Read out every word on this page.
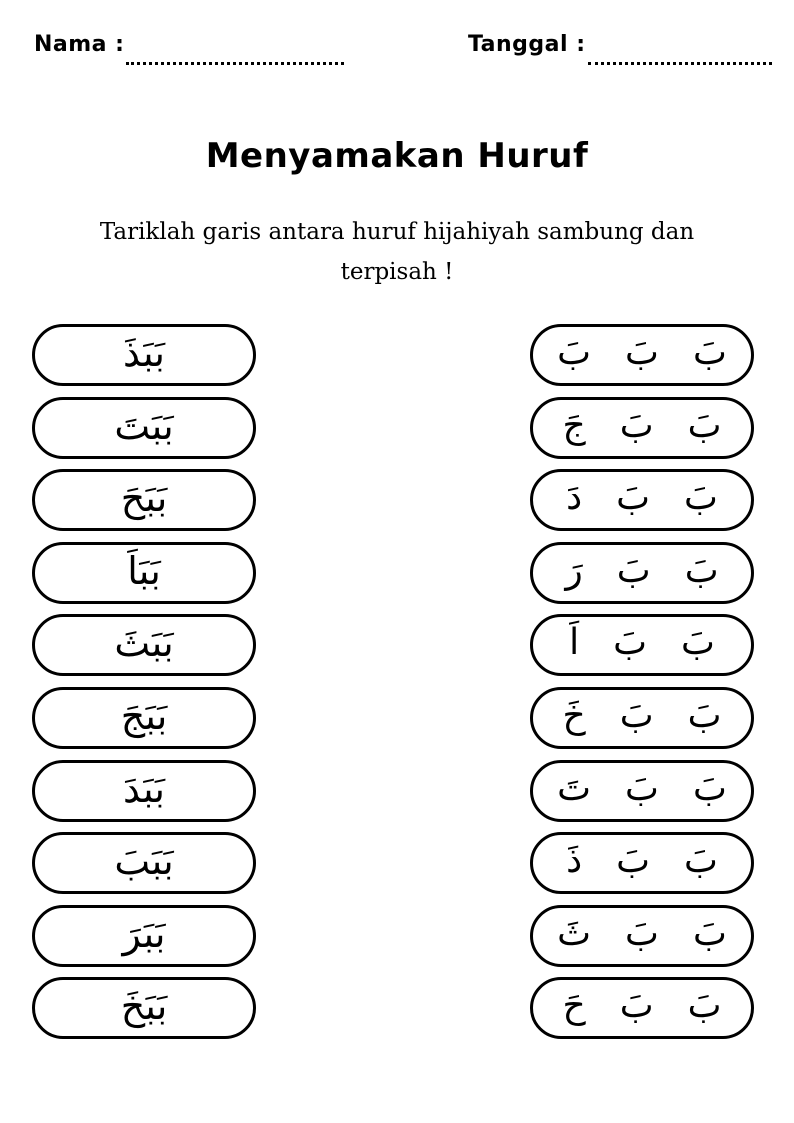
Nama :	Tanggal :
Menyamakan Huruf
Tariklah garis antara huruf hijahiyah sambung dan terpisah !
بَبَذَ
بَبَتَ
بَبَحَ
بَبَاَ
بَبَثَ
بَبَجَ
بَبَدَ
بَبَبَ
بَبَرَ
بَبَخَ
بَ
بَ
بَ
بَ
بَ
جَ
بَ
بَ
دَ
بَ
بَ
رَ
بَ
بَ
اَ
بَ
بَ
خَ
بَ
بَ
تَ
بَ
بَ
ذَ
بَ
بَ
ثَ
بَ
بَ
حَ
